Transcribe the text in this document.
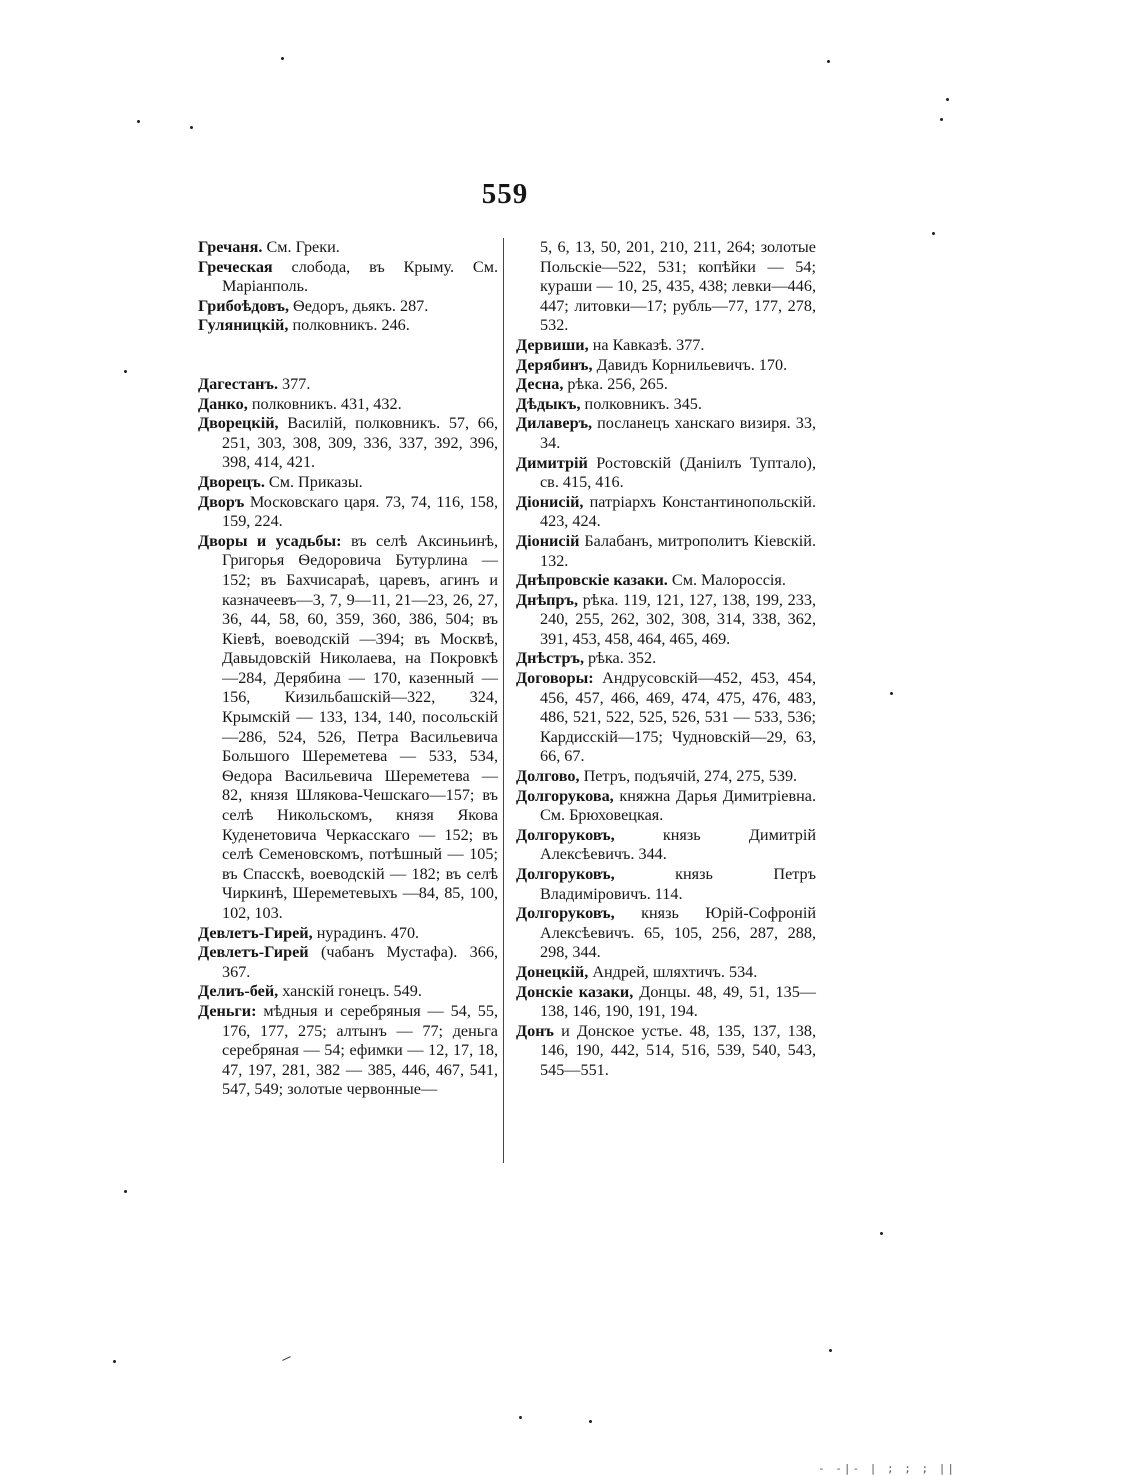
559
Гречаня. См. Греки.
Греческая слобода, въ Крыму. См. Маріанполь.
Грибоѣдовъ, Ѳедоръ, дьякъ. 287.
Гуляницкій, полковникъ. 246.
Дагестанъ. 377.
Данко, полковникъ. 431, 432.
Дворецкій, Василій, полковникъ. 57, 66, 251, 303, 308, 309, 336, 337, 392, 396, 398, 414, 421.
Дворецъ. См. Приказы.
Дворъ Московскаго царя. 73, 74, 116, 158, 159, 224.
Дворы и усадьбы: въ селѣ Аксиньинѣ, Григорья Ѳедоровича Бутурлина — 152; въ Бахчисараѣ, царевъ, агинъ и казначеевъ—3, 7, 9—11, 21—23, 26, 27, 36, 44, 58, 60, 359, 360, 386, 504; въ Кіевѣ, воеводскій —394; въ Москвѣ, Давыдовскій Николаева, на Покровкѣ—284, Дерябина — 170, казенный — 156, Кизильбашскій—322, 324, Крымскій — 133, 134, 140, посольскій—286, 524, 526, Петра Васильевича Большого Шереметева — 533, 534, Ѳедора Васильевича Шереметева — 82, князя Шлякова-Чешскаго—157; въ селѣ Никольскомъ, князя Якова Куденетовича Черкасскаго — 152; въ селѣ Семеновскомъ, потѣшный — 105; въ Спасскѣ, воеводскій — 182; въ селѣ Чиркинѣ, Шереметевыхъ —84, 85, 100, 102, 103.
Девлетъ-Гирей, нурадинъ. 470.
Девлетъ-Гирей (чабанъ Мустафа). 366, 367.
Делиъ-бей, ханскій гонецъ. 549.
Деньги: мѣдныя и серебряныя — 54, 55, 176, 177, 275; алтынъ — 77; деньга серебряная — 54; ефимки — 12, 17, 18, 47, 197, 281, 382 — 385, 446, 467, 541, 547, 549; золотые червонные—
5, 6, 13, 50, 201, 210, 211, 264; золотые Польскіе—522, 531; копѣйки — 54; кураши — 10, 25, 435, 438; левки—446, 447; литовки—17; рубль—77, 177, 278, 532.
Дервиши, на Кавказѣ. 377.
Дерябинъ, Давидъ Корнильевичъ. 170.
Десна, рѣка. 256, 265.
Дѣдыкъ, полковникъ. 345.
Дилаверъ, посланецъ ханскаго визиря. 33, 34.
Димитрій Ростовскій (Даніилъ Тупталo), св. 415, 416.
Діонисій, патріархъ Константинопольскій. 423, 424.
Діонисій Балабанъ, митрополитъ Кіевскій. 132.
Днѣпровскіе казаки. См. Малороссія.
Днѣпръ, рѣка. 119, 121, 127, 138, 199, 233, 240, 255, 262, 302, 308, 314, 338, 362, 391, 453, 458, 464, 465, 469.
Днѣстръ, рѣка. 352.
Договоры: Андрусовскій—452, 453, 454, 456, 457, 466, 469, 474, 475, 476, 483, 486, 521, 522, 525, 526, 531 — 533, 536; Кардисскій—175; Чудновскій—29, 63, 66, 67.
Долгово, Петръ, подъячій, 274, 275, 539.
Долгорукова, княжна Дарья Димитріевна. См. Брюховецкая.
Долгоруковъ, князь Димитрій Алексѣевичъ. 344.
Долгоруковъ, князь Петръ Владиміровичъ. 114.
Долгоруковъ, князь Юрій-Софроній Алексѣевичъ. 65, 105, 256, 287, 288, 298, 344.
Донецкій, Андрей, шляхтичъ. 534.
Донскіе казаки, Донцы. 48, 49, 51, 135—138, 146, 190, 191, 194.
Донъ и Донское устье. 48, 135, 137, 138, 146, 190, 442, 514, 516, 539, 540, 543, 545—551.
- -|- | ; ; ; ||
